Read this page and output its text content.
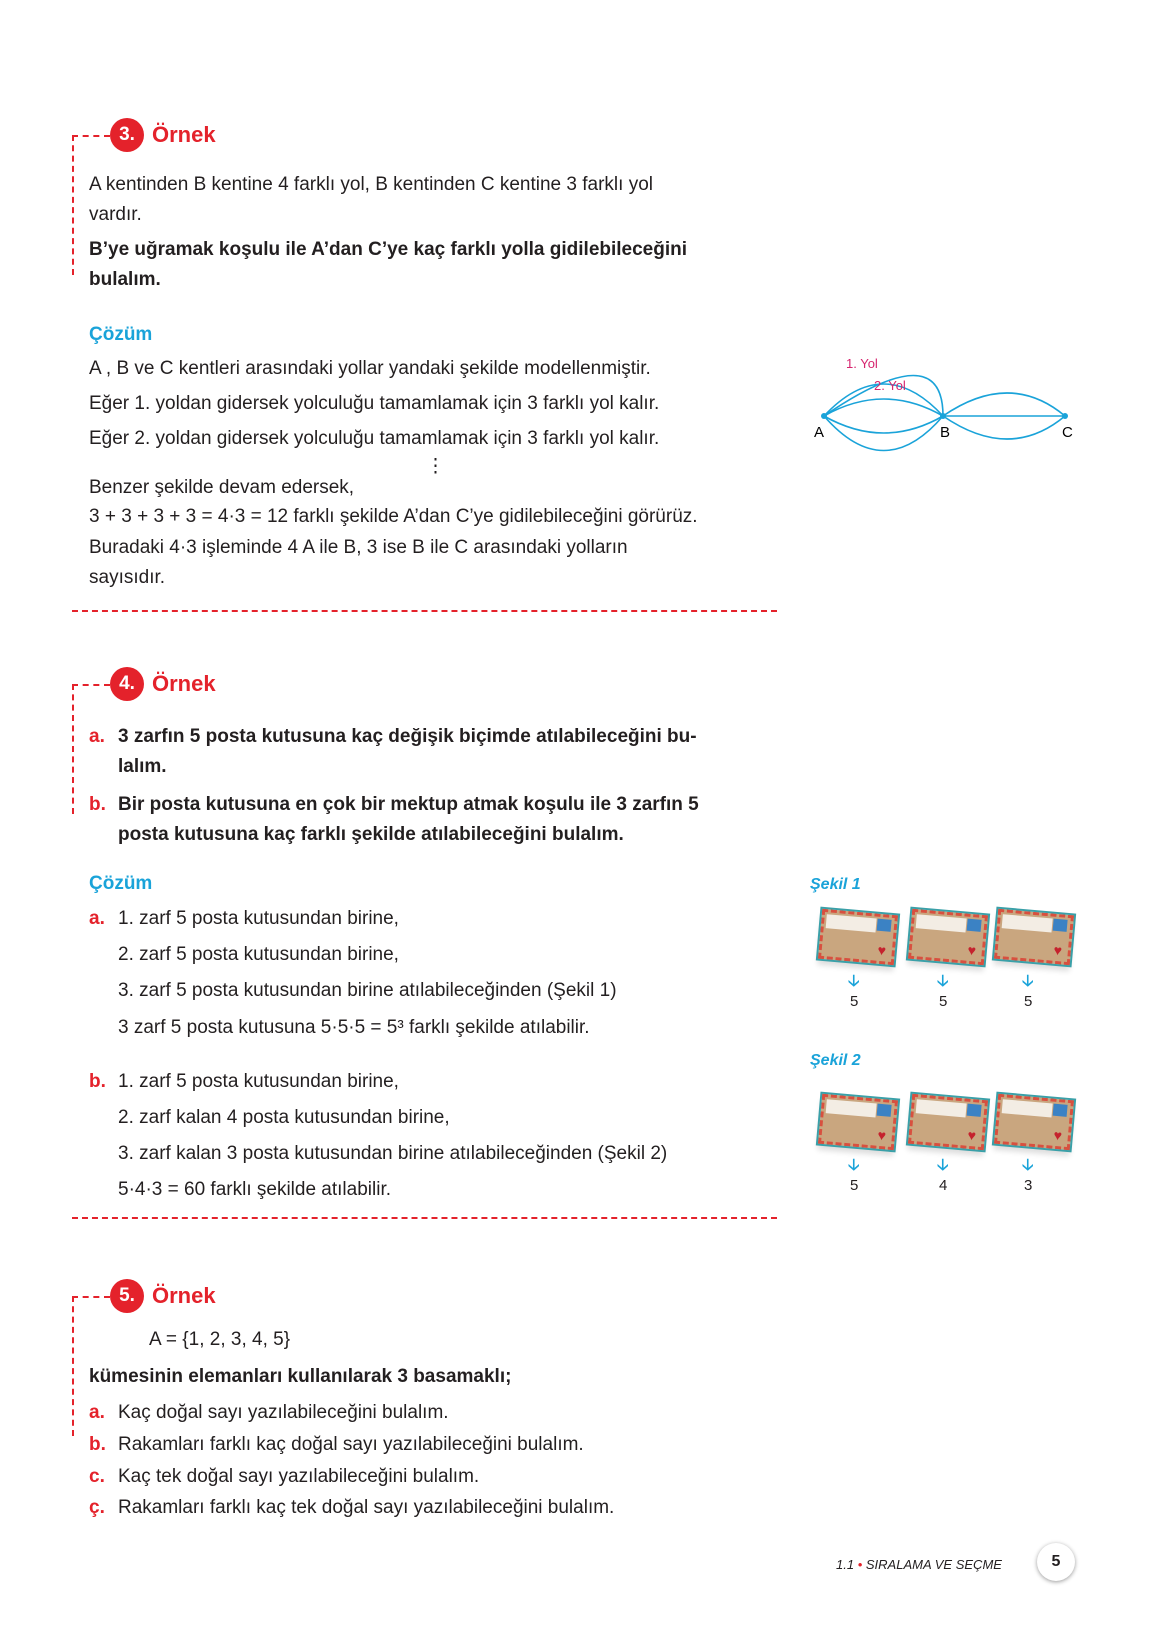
3. Örnek
A kentinden B kentine 4 farklı yol, B kentinden C kentine 3 farklı yol
vardır.
B’ye uğramak koşulu ile A’dan C’ye kaç farklı yolla gidilebileceğini
bulalım.
Çözüm
A , B ve C kentleri arasındaki yollar yandaki şekilde modellenmiştir.
Eğer 1. yoldan gidersek yolculuğu tamamlamak için 3 farklı yol kalır.
Eğer 2. yoldan gidersek yolculuğu tamamlamak için 3 farklı yol kalır.
⋮
Benzer şekilde devam edersek,
3 + 3 + 3 + 3 = 4·3 = 12 farklı şekilde A’dan C’ye gidilebileceğini görürüz.
Buradaki 4·3 işleminde 4 A ile B, 3 ise B ile C arasındaki yolların
sayısıdır.
1. Yol
2. Yol
A	B	C
4. Örnek
a. 3 zarfın 5 posta kutusuna kaç değişik biçimde atılabileceğini bu-
lalım.
b. Bir posta kutusuna en çok bir mektup atmak koşulu ile 3 zarfın 5
posta kutusuna kaç farklı şekilde atılabileceğini bulalım.
Çözüm
a. 1. zarf 5 posta kutusundan birine,
2. zarf 5 posta kutusundan birine,
3. zarf 5 posta kutusundan birine atılabileceğinden (Şekil 1)
3 zarf 5 posta kutusuna 5·5·5 = 5³ farklı şekilde atılabilir.
b. 1. zarf 5 posta kutusundan birine,
2. zarf kalan 4 posta kutusundan birine,
3. zarf kalan 3 posta kutusundan birine atılabileceğinden (Şekil 2)
5·4·3 = 60 farklı şekilde atılabilir.
Şekil 1
♥	♥	♥
🡣	🡣	🡣
5	5	5
Şekil 2
♥	♥	♥
🡣	🡣	🡣
5	4	3
5. Örnek
A = {1, 2, 3, 4, 5}
kümesinin elemanları kullanılarak 3 basamaklı;
a. Kaç doğal sayı yazılabileceğini bulalım.
b. Rakamları farklı kaç doğal sayı yazılabileceğini bulalım.
c. Kaç tek doğal sayı yazılabileceğini bulalım.
ç. Rakamları farklı kaç tek doğal sayı yazılabileceğini bulalım.
1.1 • SIRALAMA VE SEÇME	5
